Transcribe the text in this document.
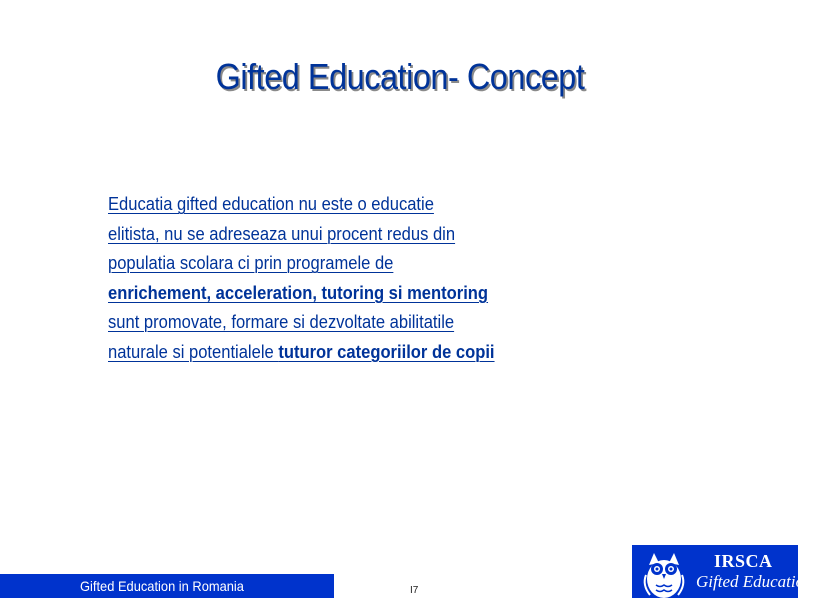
Gifted Education- Concept
Educatia gifted education nu este o educatie
elitista, nu se adreseaza unui procent redus din
populatia scolara ci prin programele de
enrichement, acceleration, tutoring si mentoring
sunt promovate, formare si dezvoltate abilitatile
naturale si potentialele tuturor categoriilor de copii
Gifted Education in Romania	I7
IRSCA
Gifted Education
